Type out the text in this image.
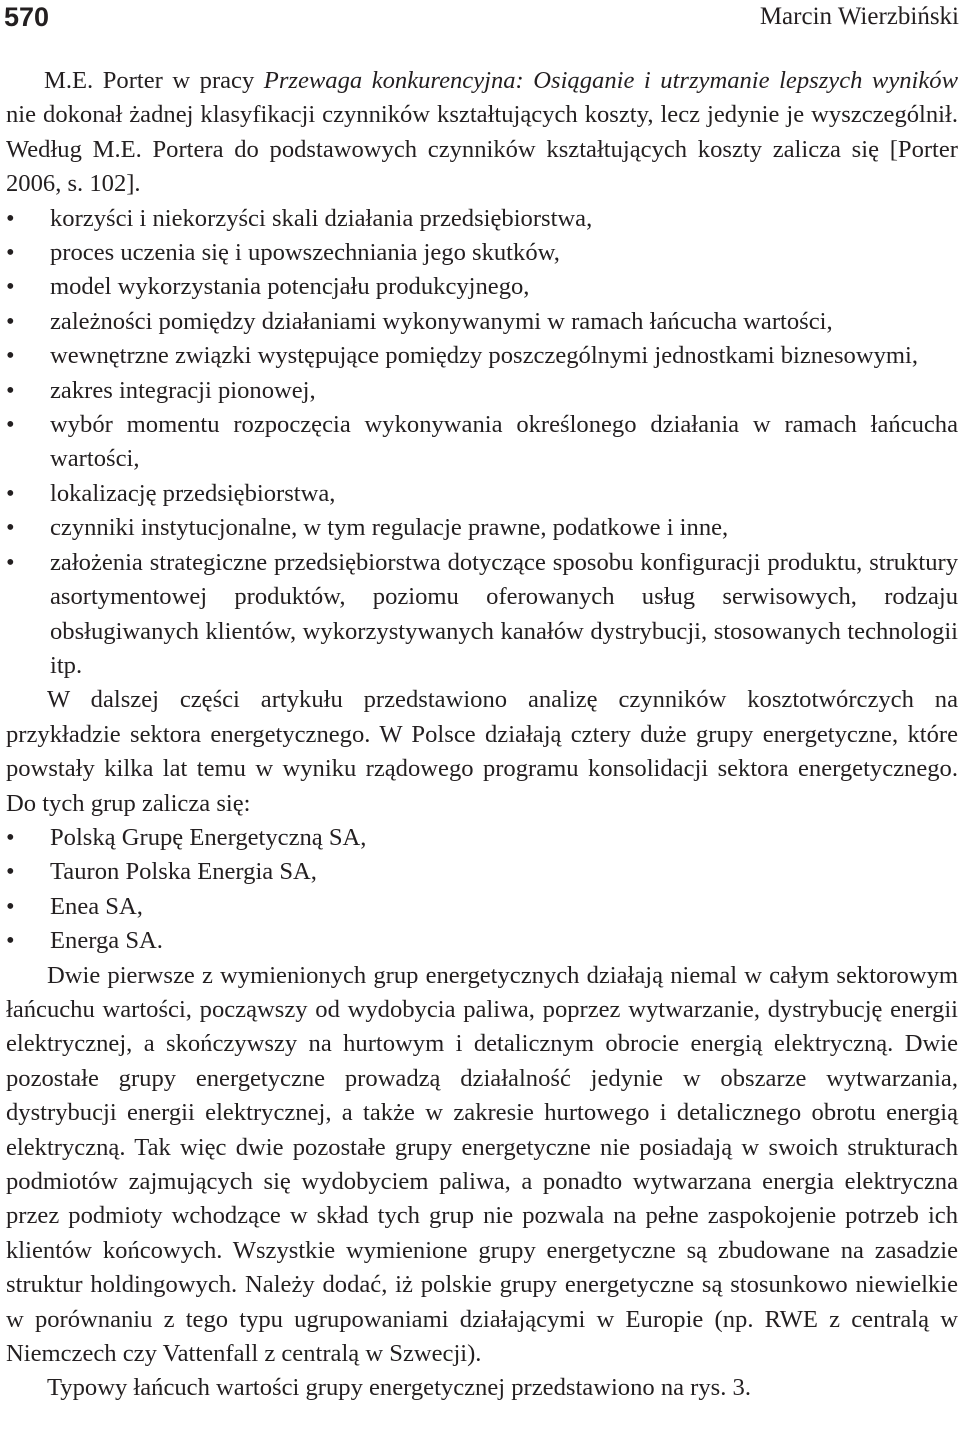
570	Marcin Wierzbiński

M.E. Porter w pracy Przewaga konkurencyjna: Osiąganie i utrzymanie lepszych wyników nie dokonał żadnej klasyfikacji czynników kształtujących koszty, lecz jedynie je wyszczególnił. Według M.E. Portera do podstawowych czynników kształtujących koszty zalicza się [Porter 2006, s. 102].

• korzyści i niekorzyści skali działania przedsiębiorstwa,
• proces uczenia się i upowszechniania jego skutków,
• model wykorzystania potencjału produkcyjnego,
• zależności pomiędzy działaniami wykonywanymi w ramach łańcucha wartości,
• wewnętrzne związki występujące pomiędzy poszczególnymi jednostkami biznesowymi,
• zakres integracji pionowej,
• wybór momentu rozpoczęcia wykonywania określonego działania w ramach łańcucha wartości,
• lokalizację przedsiębiorstwa,
• czynniki instytucjonalne, w tym regulacje prawne, podatkowe i inne,
• założenia strategiczne przedsiębiorstwa dotyczące sposobu konfiguracji produktu, struktury asortymentowej produktów, poziomu oferowanych usług serwisowych, rodzaju obsługiwanych klientów, wykorzystywanych kanałów dystrybucji, stosowanych technologii itp.

W dalszej części artykułu przedstawiono analizę czynników kosztotwórczych na przykładzie sektora energetycznego. W Polsce działają cztery duże grupy energetyczne, które powstały kilka lat temu w wyniku rządowego programu konsolidacji sektora energetycznego. Do tych grup zalicza się:

• Polską Grupę Energetyczną SA,
• Tauron Polska Energia SA,
• Enea SA,
• Energa SA.

Dwie pierwsze z wymienionych grup energetycznych działają niemal w całym sektorowym łańcuchu wartości, począwszy od wydobycia paliwa, poprzez wytwarzanie, dystrybucję energii elektrycznej, a skończywszy na hurtowym i detalicznym obrocie energią elektryczną. Dwie pozostałe grupy energetyczne prowadzą działalność jedynie w obszarze wytwarzania, dystrybucji energii elektrycznej, a także w zakresie hurtowego i detalicznego obrotu energią elektryczną. Tak więc dwie pozostałe grupy energetyczne nie posiadają w swoich strukturach podmiotów zajmujących się wydobyciem paliwa, a ponadto wytwarzana energia elektryczna przez podmioty wchodzące w skład tych grup nie pozwala na pełne zaspokojenie potrzeb ich klientów końcowych. Wszystkie wymienione grupy energetyczne są zbudowane na zasadzie struktur holdingowych. Należy dodać, iż polskie grupy energetyczne są stosunkowo niewielkie w porównaniu z tego typu ugrupowaniami działającymi w Europie (np. RWE z centralą w Niemczech czy Vattenfall z centralą w Szwecji).

Typowy łańcuch wartości grupy energetycznej przedstawiono na rys. 3.
